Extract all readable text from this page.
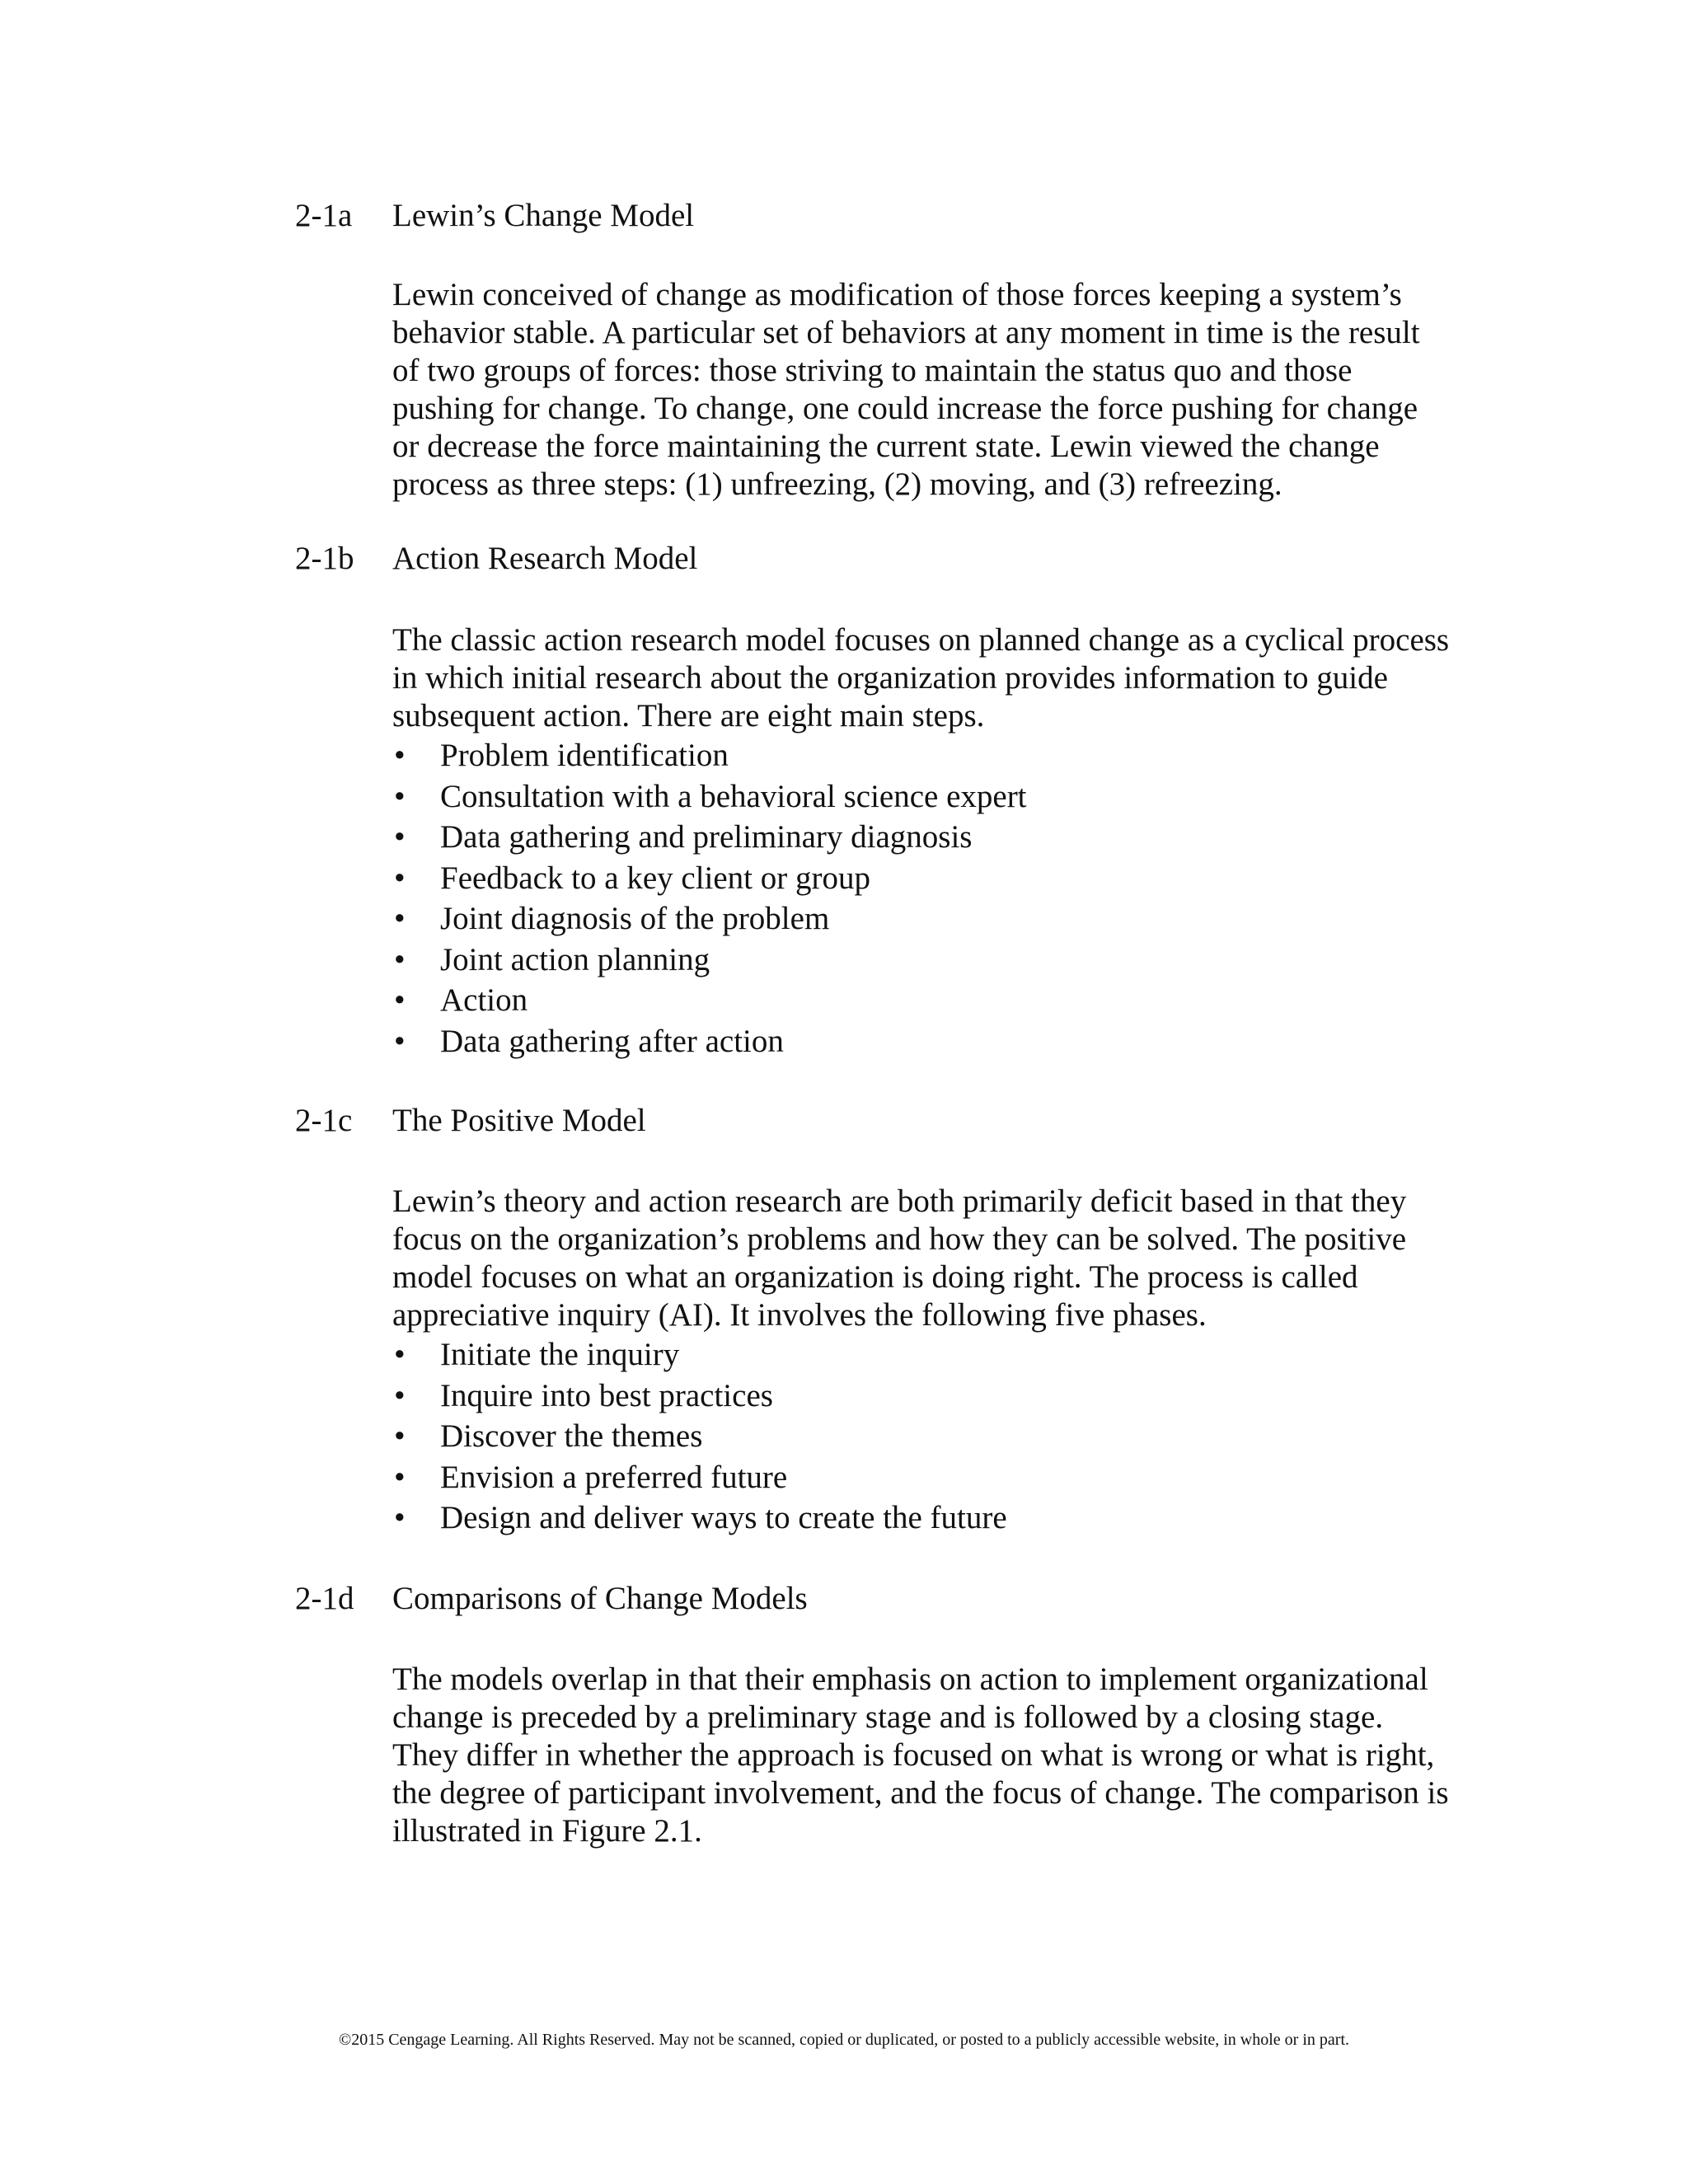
2-1a Lewin’s Change Model

Lewin conceived of change as modification of those forces keeping a system’s
behavior stable. A particular set of behaviors at any moment in time is the result
of two groups of forces: those striving to maintain the status quo and those
pushing for change. To change, one could increase the force pushing for change
or decrease the force maintaining the current state. Lewin viewed the change
process as three steps: (1) unfreezing, (2) moving, and (3) refreezing.

2-1b Action Research Model

The classic action research model focuses on planned change as a cyclical process
in which initial research about the organization provides information to guide
subsequent action. There are eight main steps.

• Problem identification
• Consultation with a behavioral science expert
• Data gathering and preliminary diagnosis
• Feedback to a key client or group
• Joint diagnosis of the problem
• Joint action planning
• Action
• Data gathering after action
2-1c The Positive Model

Lewin’s theory and action research are both primarily deficit based in that they
focus on the organization’s problems and how they can be solved. The positive
model focuses on what an organization is doing right. The process is called
appreciative inquiry (AI). It involves the following five phases.

• Initiate the inquiry
• Inquire into best practices
• Discover the themes
• Envision a preferred future
• Design and deliver ways to create the future
2-1d Comparisons of Change Models

The models overlap in that their emphasis on action to implement organizational
change is preceded by a preliminary stage and is followed by a closing stage.
They differ in whether the approach is focused on what is wrong or what is right,
the degree of participant involvement, and the focus of change. The comparison is
illustrated in Figure 2.1.

©2015 Cengage Learning. All Rights Reserved. May not be scanned, copied or duplicated, or posted to a publicly accessible website, in whole or in part.
